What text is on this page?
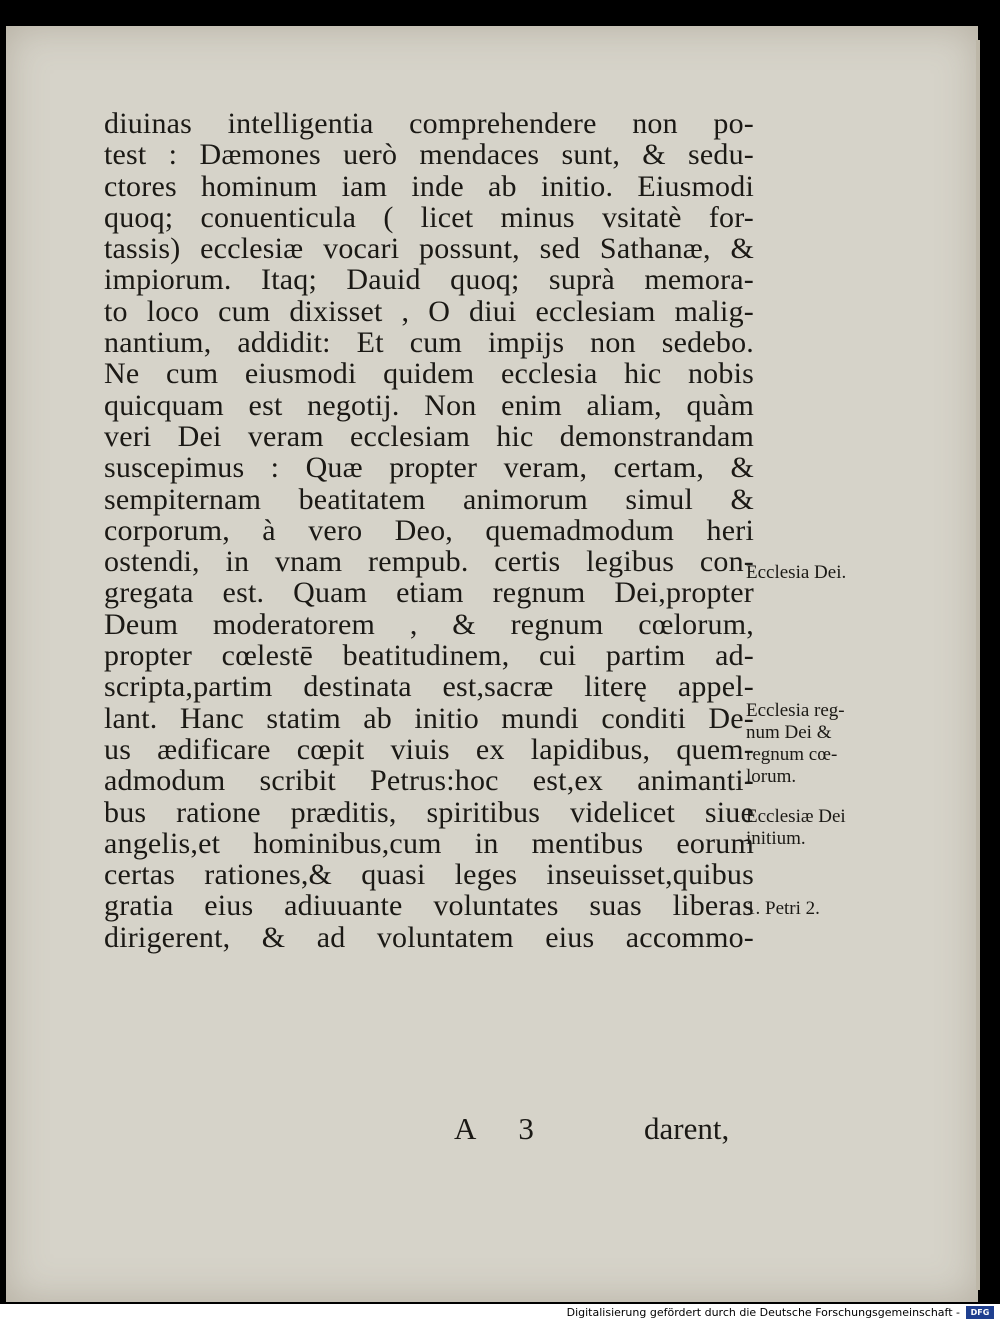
diuinas intelligentia comprehendere non po-
test : Dæmones uerò mendaces sunt, & sedu-
ctores hominum iam inde ab initio. Eiusmodi
quoq; conuenticula ( licet minus vsitatè for-
tassis) ecclesiæ vocari possunt, sed Sathanæ, &
impiorum. Itaq; Dauid quoq; suprà memora-
to loco cum dixisset , O diui ecclesiam malig-
nantium, addidit: Et cum impijs non sedebo.
Ne cum eiusmodi quidem ecclesia hic nobis
quicquam est negotij. Non enim aliam, quàm
veri Dei veram ecclesiam hic demonstrandam
suscepimus : Quæ propter veram, certam, &
sempiternam beatitatem animorum simul &
corporum, à vero Deo, quemadmodum heri
ostendi, in vnam rempub. certis legibus con-
gregata est. Quam etiam regnum Dei,propter
Deum moderatorem , & regnum cœlorum,
propter cœlestē beatitudinem, cui partim ad-
scripta,partim destinata est,sacræ literę appel-
lant. Hanc statim ab initio mundi conditi De-
us ædificare cœpit viuis ex lapidibus, quem-
admodum scribit Petrus:hoc est,ex animanti-
bus ratione præditis, spiritibus videlicet siue
angelis,et hominibus,cum in mentibus eorum
certas rationes,& quasi leges inseuisset,quibus
gratia eius adiuuante voluntates suas liberas
dirigerent, & ad voluntatem eius accommo-
A 3	darent,
Ecclesia Dei.
Ecclesia reg-
num Dei &
regnum cœ-
lorum.
Ecclesiæ Dei
initium.
1. Petri 2.
Digitalisierung gefördert durch die Deutsche Forschungsgemeinschaft -	DFG
